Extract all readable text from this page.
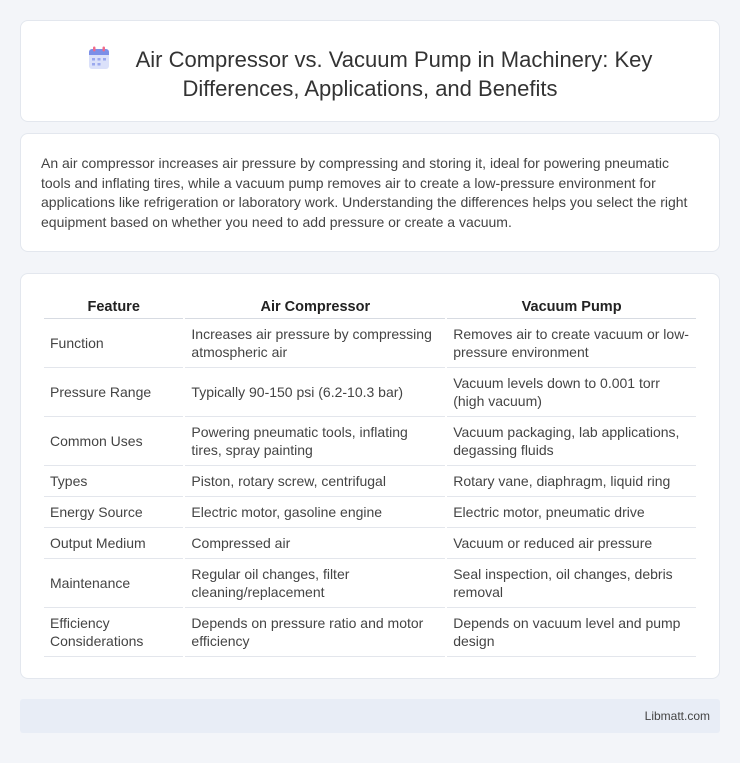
Air Compressor vs. Vacuum Pump in Machinery: Key Differences, Applications, and Benefits

An air compressor increases air pressure by compressing and storing it, ideal for powering pneumatic tools and inflating tires, while a vacuum pump removes air to create a low-pressure environment for applications like refrigeration or laboratory work. Understanding the differences helps you select the right equipment based on whether you need to add pressure or create a vacuum.

Feature	Air Compressor	Vacuum Pump
Function	Increases air pressure by compressing atmospheric air	Removes air to create vacuum or low-pressure environment
Pressure Range	Typically 90-150 psi (6.2-10.3 bar)	Vacuum levels down to 0.001 torr (high vacuum)
Common Uses	Powering pneumatic tools, inflating tires, spray painting	Vacuum packaging, lab applications, degassing fluids
Types	Piston, rotary screw, centrifugal	Rotary vane, diaphragm, liquid ring
Energy Source	Electric motor, gasoline engine	Electric motor, pneumatic drive
Output Medium	Compressed air	Vacuum or reduced air pressure
Maintenance	Regular oil changes, filter cleaning/replacement	Seal inspection, oil changes, debris removal
Efficiency Considerations	Depends on pressure ratio and motor efficiency	Depends on vacuum level and pump design
Libmatt.com
